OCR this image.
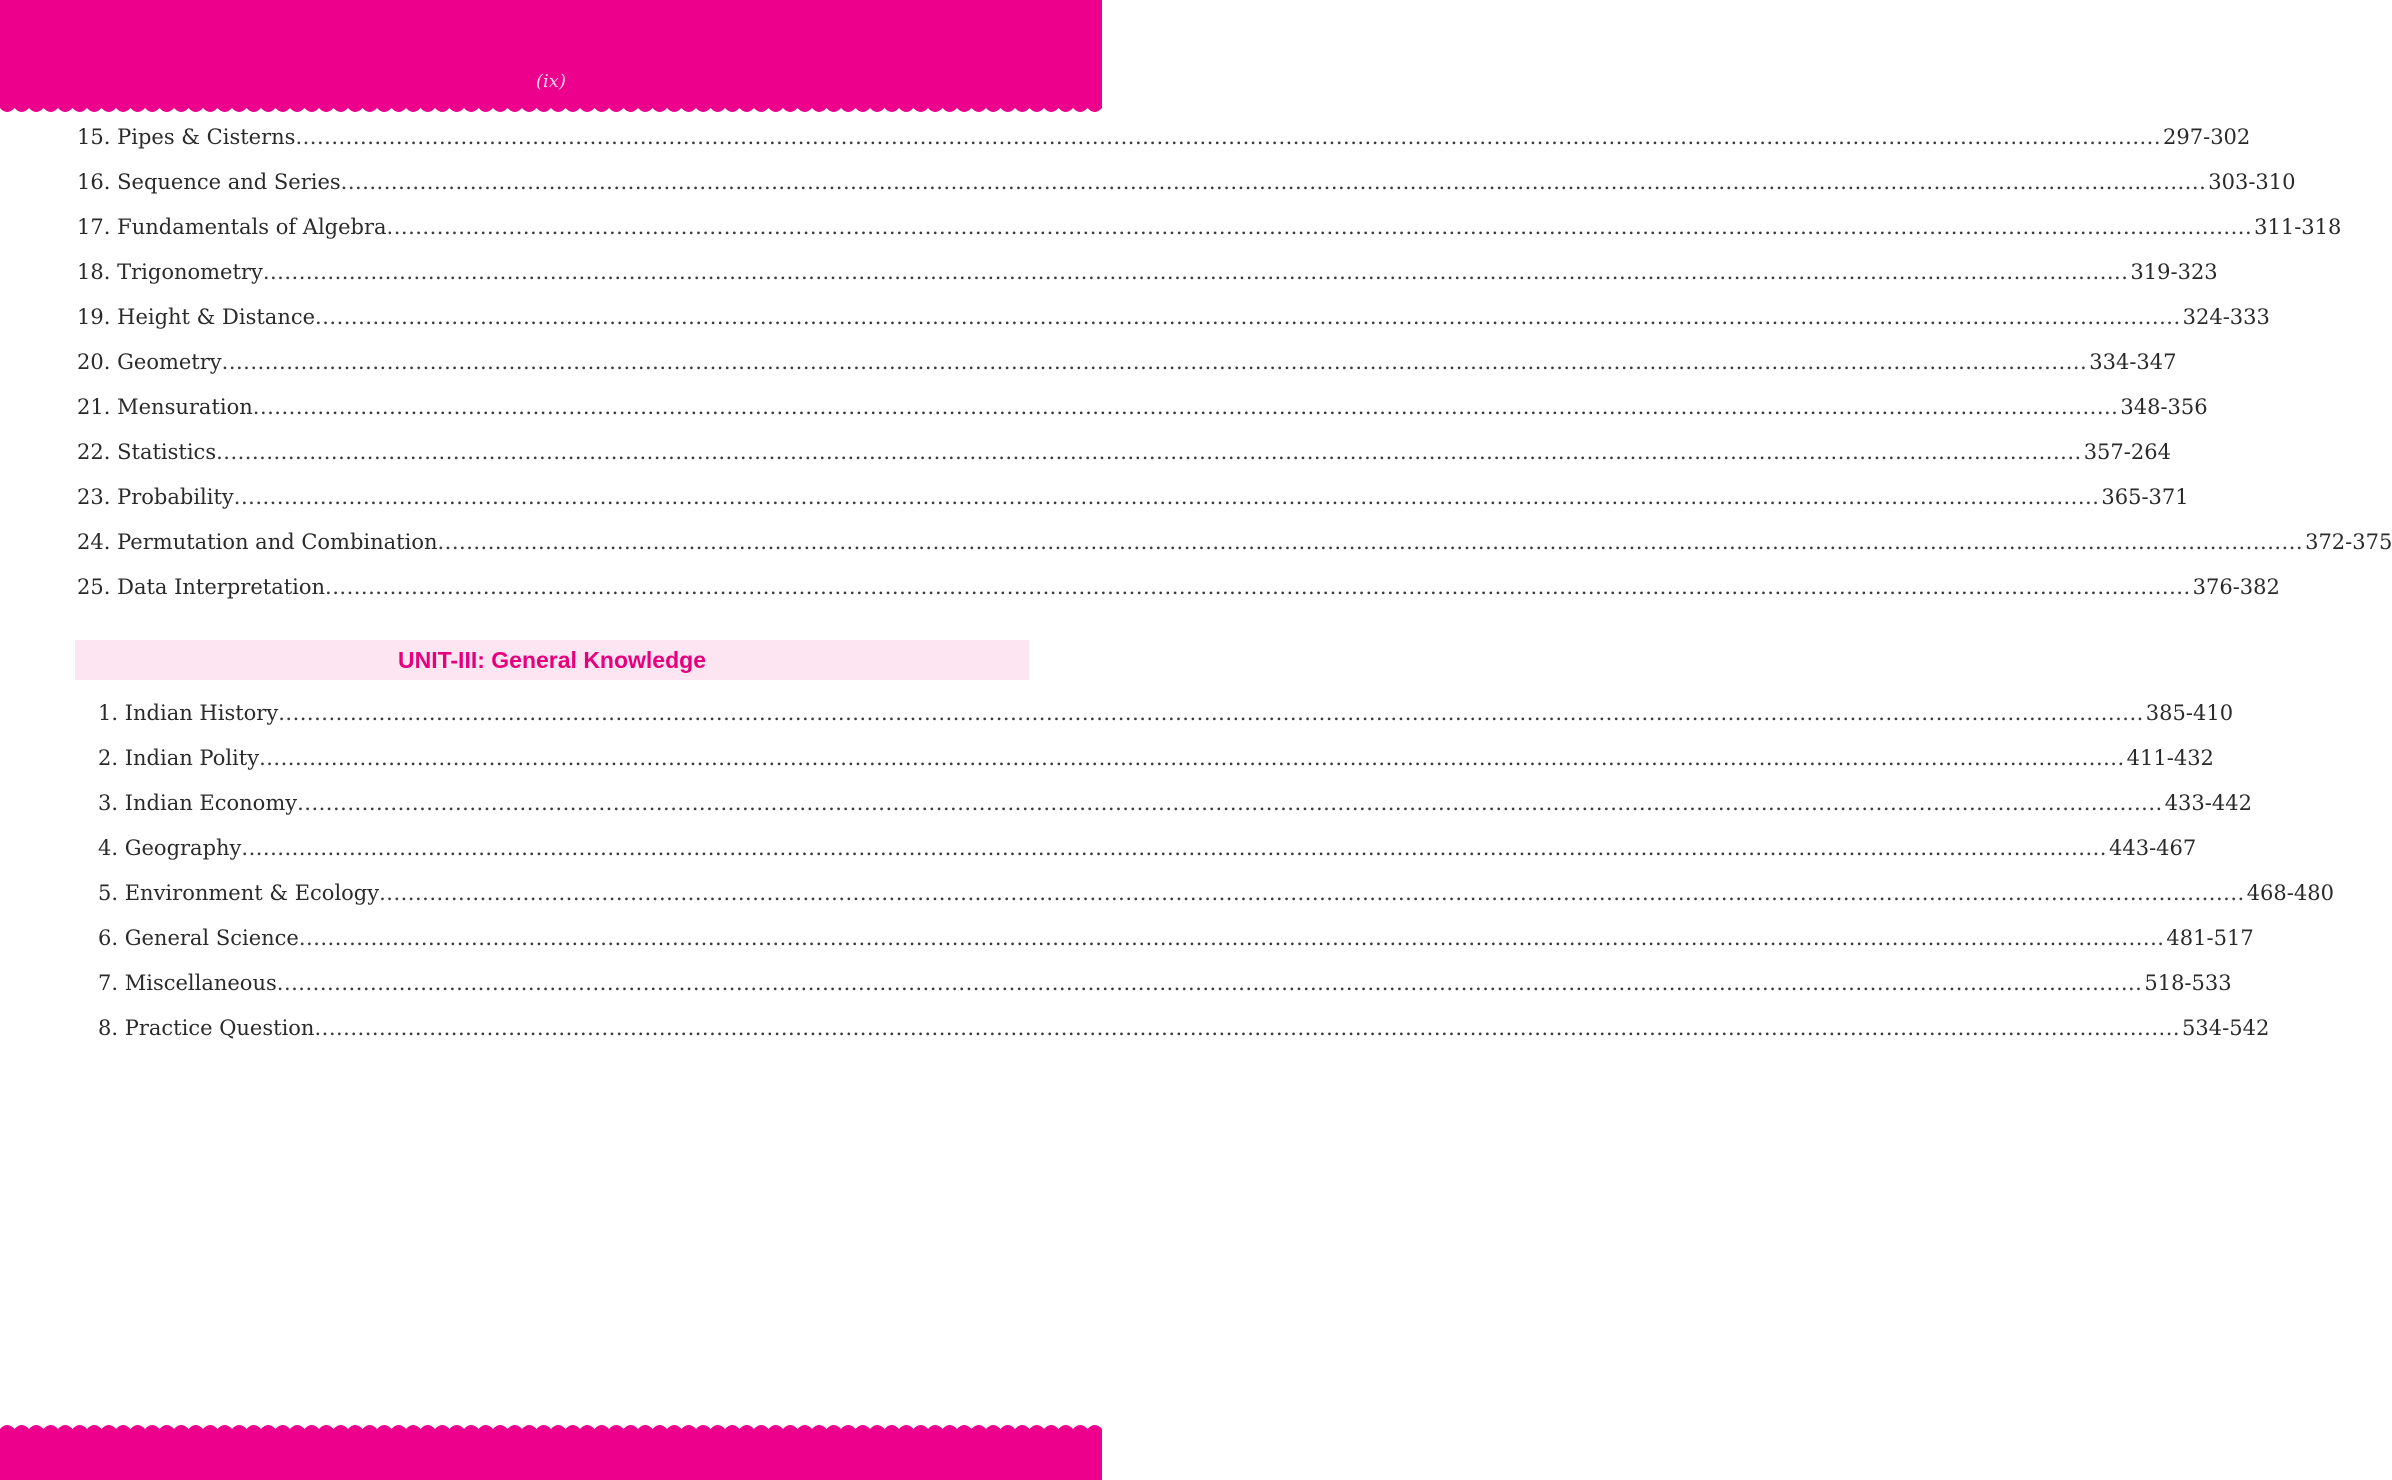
(ix)
15. Pipes & Cisterns .................................................................................................................................................................................................................................................................... 297-302
16. Sequence and Series .................................................................................................................................................................................................................................................................... 303-310
17. Fundamentals of Algebra .................................................................................................................................................................................................................................................................... 311-318
18. Trigonometry .................................................................................................................................................................................................................................................................... 319-323
19. Height & Distance .................................................................................................................................................................................................................................................................... 324-333
20. Geometry .................................................................................................................................................................................................................................................................... 334-347
21. Mensuration .................................................................................................................................................................................................................................................................... 348-356
22. Statistics .................................................................................................................................................................................................................................................................... 357-264
23. Probability .................................................................................................................................................................................................................................................................... 365-371
24. Permutation and Combination .................................................................................................................................................................................................................................................................... 372-375
25. Data Interpretation .................................................................................................................................................................................................................................................................... 376-382
UNIT-III: General Knowledge
1. Indian History .................................................................................................................................................................................................................................................................... 385-410
2. Indian Polity .................................................................................................................................................................................................................................................................... 411-432
3. Indian Economy .................................................................................................................................................................................................................................................................... 433-442
4. Geography .................................................................................................................................................................................................................................................................... 443-467
5. Environment & Ecology .................................................................................................................................................................................................................................................................... 468-480
6. General Science .................................................................................................................................................................................................................................................................... 481-517
7. Miscellaneous .................................................................................................................................................................................................................................................................... 518-533
8. Practice Question .................................................................................................................................................................................................................................................................... 534-542
